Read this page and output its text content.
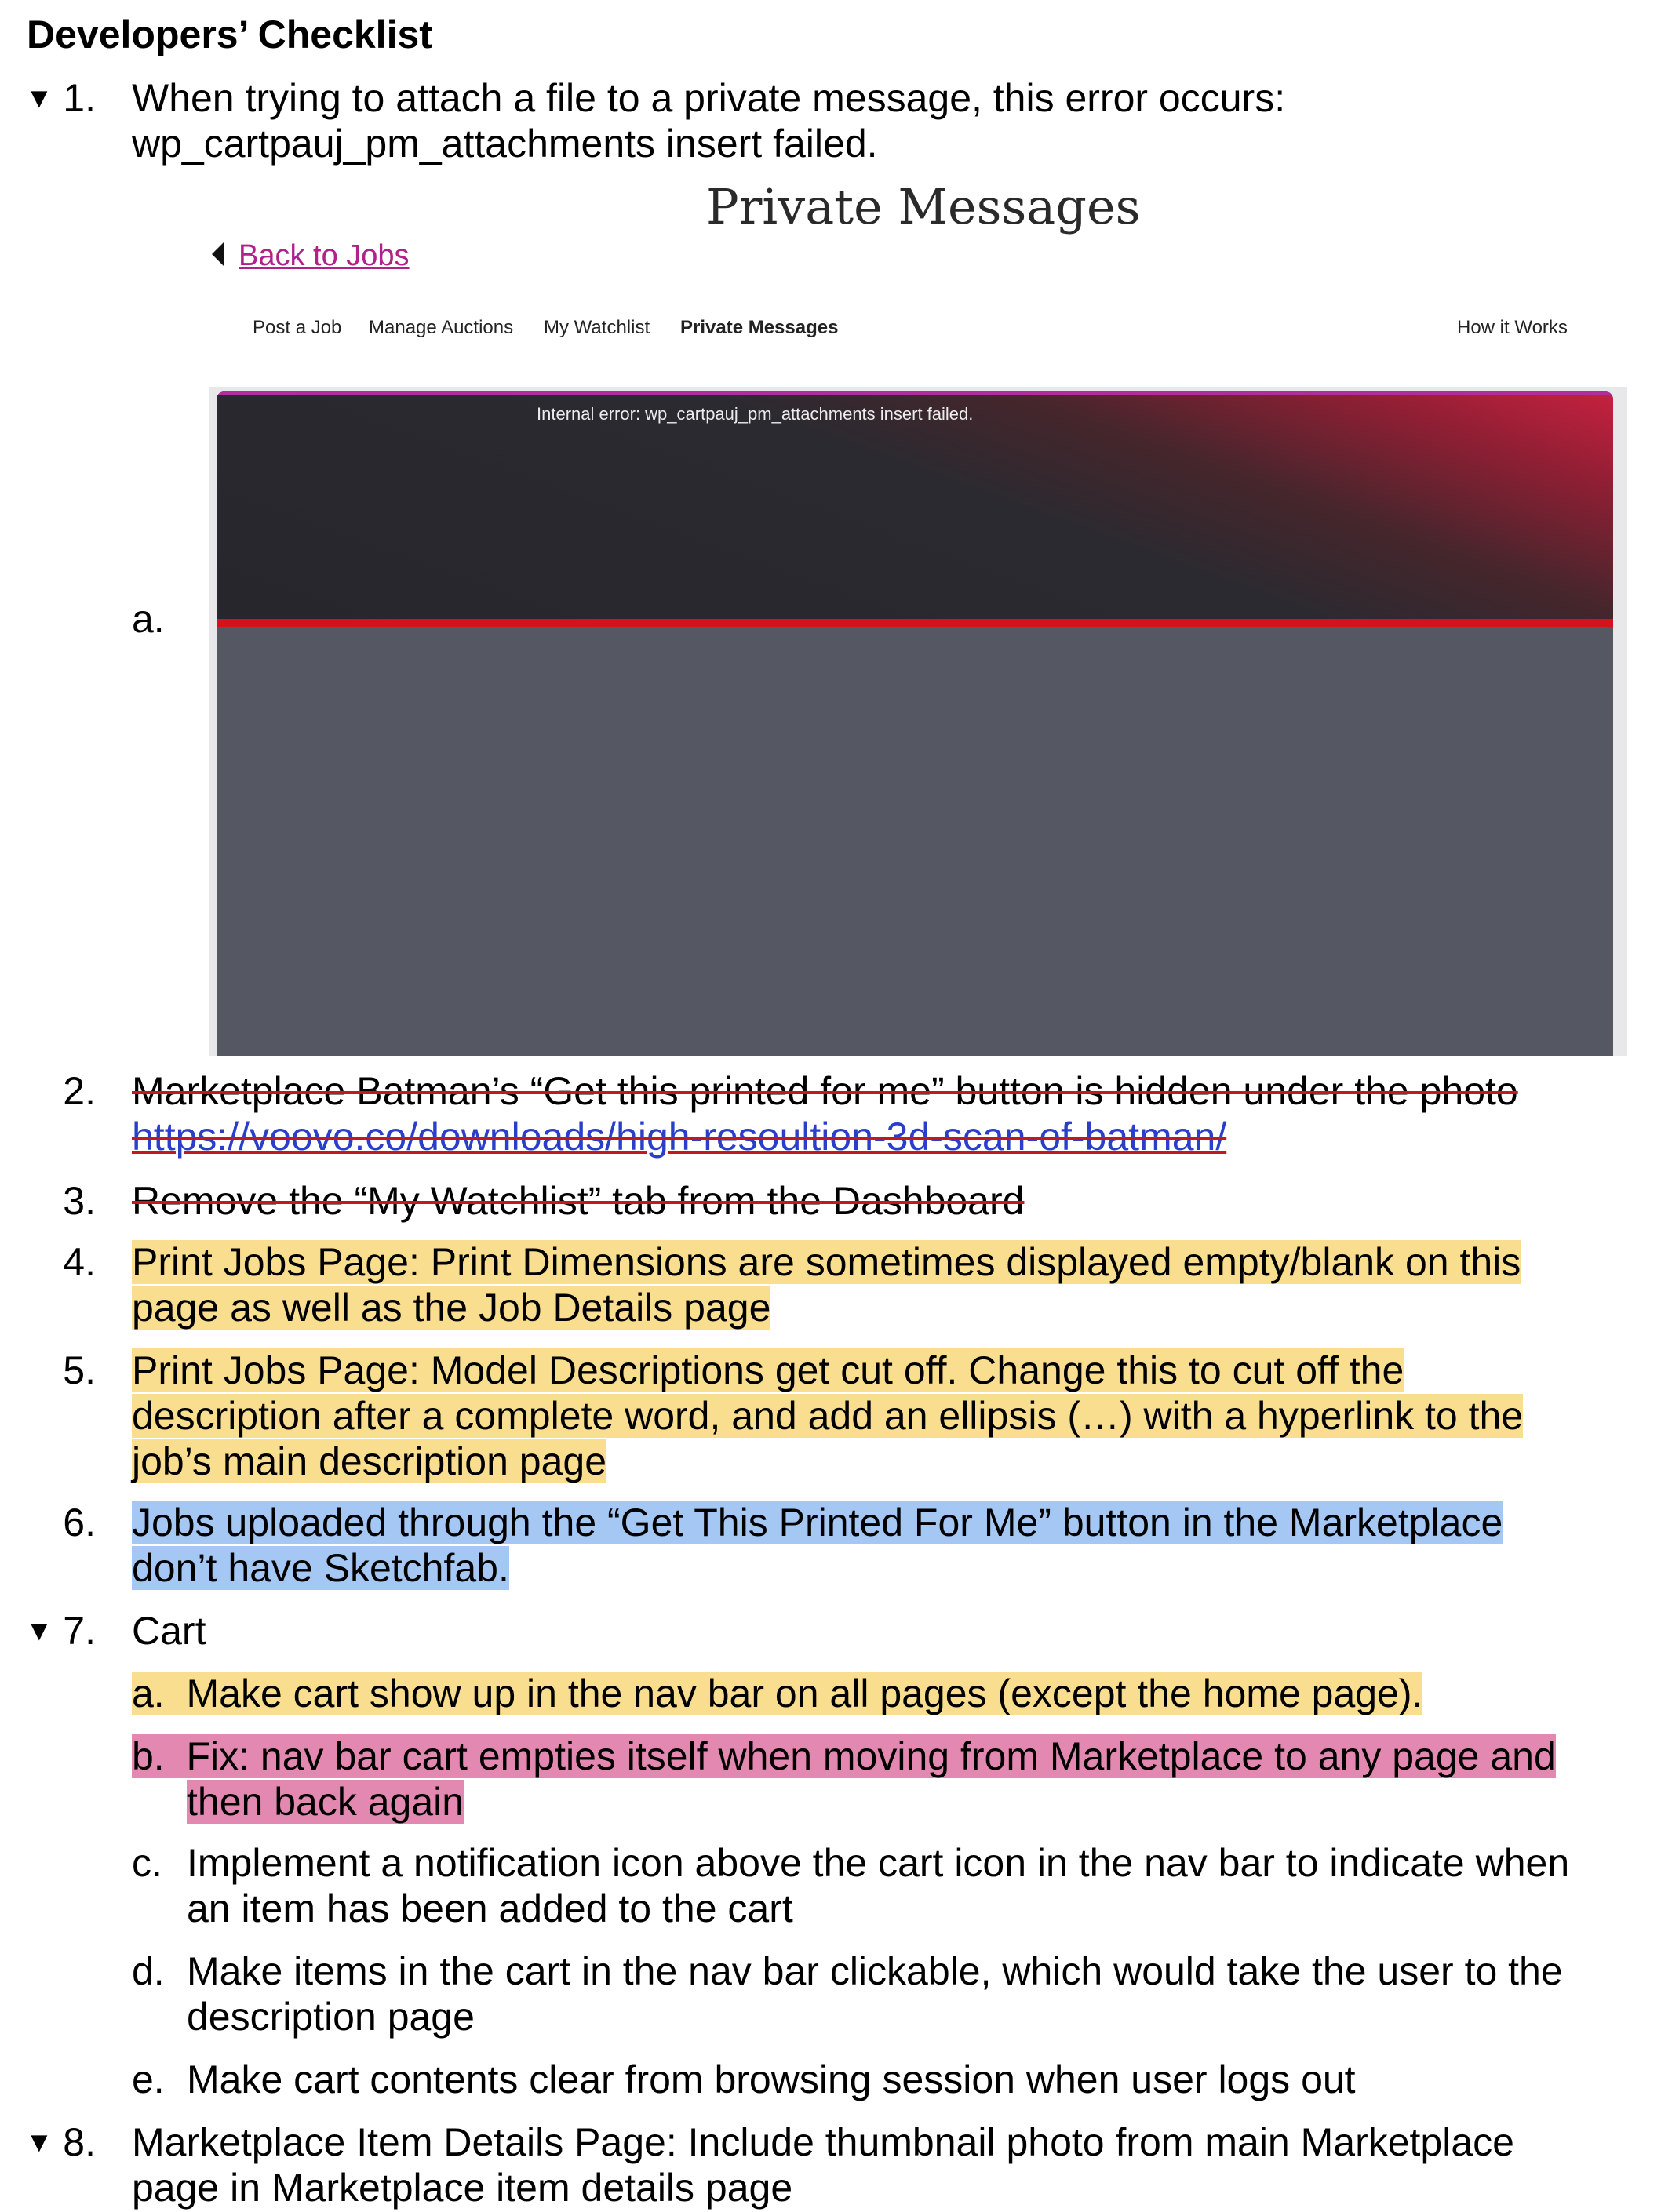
Developers’ Checklist
▼ 1. When trying to attach a file to a private message, this error occurs:
wp_cartpauj_pm_attachments insert failed.
Private Messages
Back to Jobs
Post a Job Manage Auctions My Watchlist Private Messages	How it Works
Internal error: wp_cartpauj_pm_attachments insert failed.
a.
2. Marketplace Batman’s “Get this printed for me” button is hidden under the photo
https://voovo.co/downloads/high-resoultion-3d-scan-of-batman/
3. Remove the “My Watchlist” tab from the Dashboard
4. Print Jobs Page: Print Dimensions are sometimes displayed empty/blank on this
page as well as the Job Details page
5. Print Jobs Page: Model Descriptions get cut off. Change this to cut off the
description after a complete word, and add an ellipsis (…) with a hyperlink to the
job’s main description page
6. Jobs uploaded through the “Get This Printed For Me” button in the Marketplace
don’t have Sketchfab.
▼ 7. Cart
a. Make cart show up in the nav bar on all pages (except the home page).
b. Fix: nav bar cart empties itself when moving from Marketplace to any page and
then back again
c. Implement a notification icon above the cart icon in the nav bar to indicate when
an item has been added to the cart
d. Make items in the cart in the nav bar clickable, which would take the user to the
description page
e. Make cart contents clear from browsing session when user logs out
▼ 8. Marketplace Item Details Page: Include thumbnail photo from main Marketplace
page in Marketplace item details page
